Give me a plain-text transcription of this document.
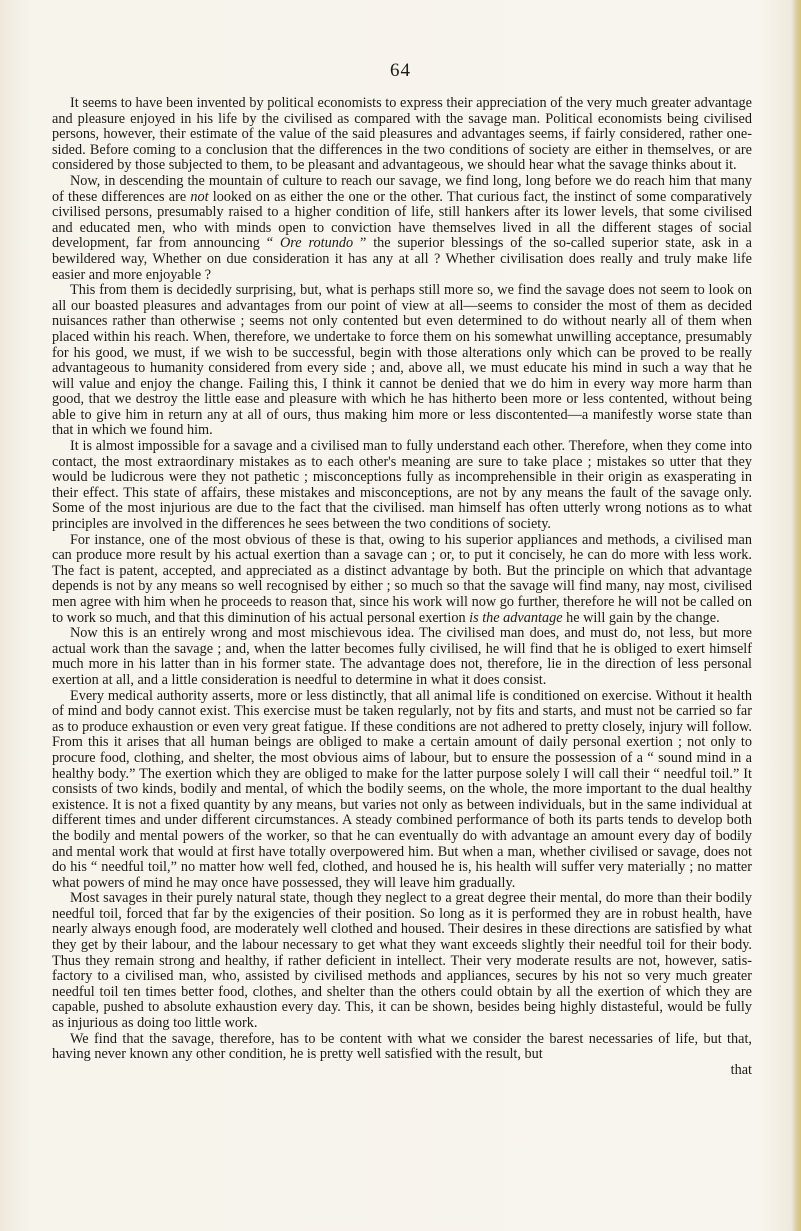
64

It seems to have been invented by political economists to express their appreciation of the very much greater advantage and pleasure enjoyed in his life by the civilised as compared with the savage man. Political economists being civilised persons, however, their estimate of the value of the said pleasures and advantages seems, if fairly considered, rather one-sided. Before coming to a conclusion that the differences in the two conditions of society are either in themselves, or are considered by those subjected to them, to be pleasant and advantageous, we should hear what the savage thinks about it.

Now, in descending the mountain of culture to reach our savage, we find long, long before we do reach him that many of these differences are not looked on as either the one or the other. That curious fact, the instinct of some comparatively civilised persons, presumably raised to a higher condition of life, still hankers after its lower levels, that some civilised and educated men, who with minds open to conviction have themselves lived in all the different stages of social development, far from announcing “ Ore rotundo ” the superior blessings of the so-called superior state, ask in a bewildered way, Whether on due consideration it has any at all ? Whether civilisation does really and truly make life easier and more enjoyable ?

This from them is decidedly surprising, but, what is perhaps still more so, we find the savage does not seem to look on all our boasted pleasures and advantages from our point of view at all—seems to consider the most of them as decided nuisances rather than otherwise ; seems not only contented but even determined to do without nearly all of them when placed within his reach. When, therefore, we undertake to force them on his somewhat unwilling acceptance, presumably for his good, we must, if we wish to be successful, begin with those alterations only which can be proved to be really advantageous to humanity considered from every side ; and, above all, we must educate his mind in such a way that he will value and enjoy the change. Failing this, I think it cannot be denied that we do him in every way more harm than good, that we destroy the little ease and pleasure with which he has hitherto been more or less contented, without being able to give him in return any at all of ours, thus making him more or less discontented—a manifestly worse state than that in which we found him.

It is almost impossible for a savage and a civilised man to fully understand each other. Therefore, when they come into contact, the most extraordinary mistakes as to each other's meaning are sure to take place ; mistakes so utter that they would be ludicrous were they not pathetic ; misconceptions fully as incomprehensible in their origin as exasperating in their effect. This state of affairs, these mistakes and misconceptions, are not by any means the fault of the savage only. Some of the most injurious are due to the fact that the civilised. man himself has often utterly wrong notions as to what principles are involved in the differences he sees between the two conditions of society.

For instance, one of the most obvious of these is that, owing to his superior appliances and methods, a civilised man can produce more result by his actual exertion than a savage can ; or, to put it concisely, he can do more with less work. The fact is patent, accepted, and appreciated as a distinct advantage by both. But the principle on which that advantage depends is not by any means so well recognised by either ; so much so that the savage will find many, nay most, civilised men agree with him when he proceeds to reason that, since his work will now go further, therefore he will not be called on to work so much, and that this diminution of his actual personal exertion is the advantage he will gain by the change.

Now this is an entirely wrong and most mischievous idea. The civilised man does, and must do, not less, but more actual work than the savage ; and, when the latter becomes fully civilised, he will find that he is obliged to exert himself much more in his latter than in his former state. The advantage does not, therefore, lie in the direction of less personal exertion at all, and a little consideration is needful to determine in what it does consist.

Every medical authority asserts, more or less distinctly, that all animal life is conditioned on exercise. Without it health of mind and body cannot exist. This exercise must be taken regularly, not by fits and starts, and must not be carried so far as to produce exhaustion or even very great fatigue. If these conditions are not adhered to pretty closely, injury will follow. From this it arises that all human beings are obliged to make a certain amount of daily personal exertion ; not only to procure food, clothing, and shelter, the most obvious aims of labour, but to ensure the possession of a “ sound mind in a healthy body.” The exertion which they are obliged to make for the latter purpose solely I will call their “ needful toil.” It consists of two kinds, bodily and mental, of which the bodily seems, on the whole, the more important to the dual healthy existence. It is not a fixed quantity by any means, but varies not only as between individuals, but in the same individual at different times and under different circumstances. A steady combined performance of both its parts tends to develop both the bodily and mental powers of the worker, so that he can eventually do with advantage an amount every day of bodily and mental work that would at first have totally overpowered him. But when a man, whether civilised or savage, does not do his “ needful toil,” no matter how well fed, clothed, and housed he is, his health will suffer very materially ; no matter what powers of mind he may once have possessed, they will leave him gradually.

Most savages in their purely natural state, though they neglect to a great degree their mental, do more than their bodily needful toil, forced that far by the exigencies of their position. So long as it is performed they are in robust health, have nearly always enough food, are moderately well clothed and housed. Their desires in these directions are satisfied by what they get by their labour, and the labour necessary to get what they want exceeds slightly their needful toil for their body. Thus they remain strong and healthy, if rather deficient in intellect. Their very moderate results are not, however, satisfactory to a civilised man, who, assisted by civilised methods and appliances, secures by his not so very much greater needful toil ten times better food, clothes, and shelter than the others could obtain by all the exertion of which they are capable, pushed to absolute exhaustion every day. This, it can be shown, besides being highly distasteful, would be fully as injurious as doing too little work.

We find that the savage, therefore, has to be content with what we consider the barest necessaries of life, but that, having never known any other condition, he is pretty well satisfied with the result, but

that
